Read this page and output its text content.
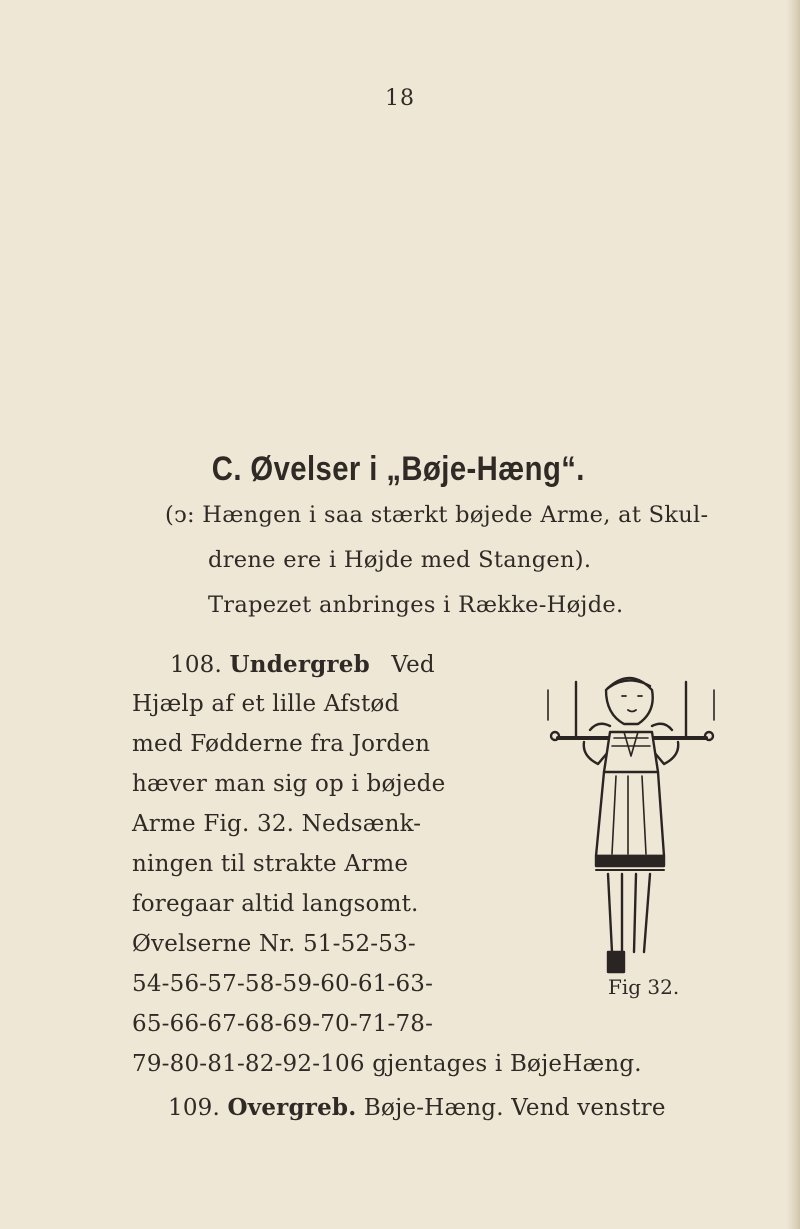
18
C. Øvelser i „Bøje-Hæng“.
(ↄ: Hængen i saa stærkt bøjede Arme, at Skul-
drene ere i Højde med Stangen).
Trapezet anbringes i Række-Højde.
108. Undergreb Ved
Hjælp af et lille Afstød
med Fødderne fra Jorden
hæver man sig op i bøjede
Arme Fig. 32. Nedsænk-
ningen til strakte Arme
foregaar altid langsomt.
Øvelserne Nr. 51-52-53-
54-56-57-58-59-60-61-63-
65-66-67-68-69-70-71-78-
79-80-81-82-92-106 gjentages i BøjeHæng.
109. Overgreb. Bøje-Hæng. Vend venstre
Fig 32.
